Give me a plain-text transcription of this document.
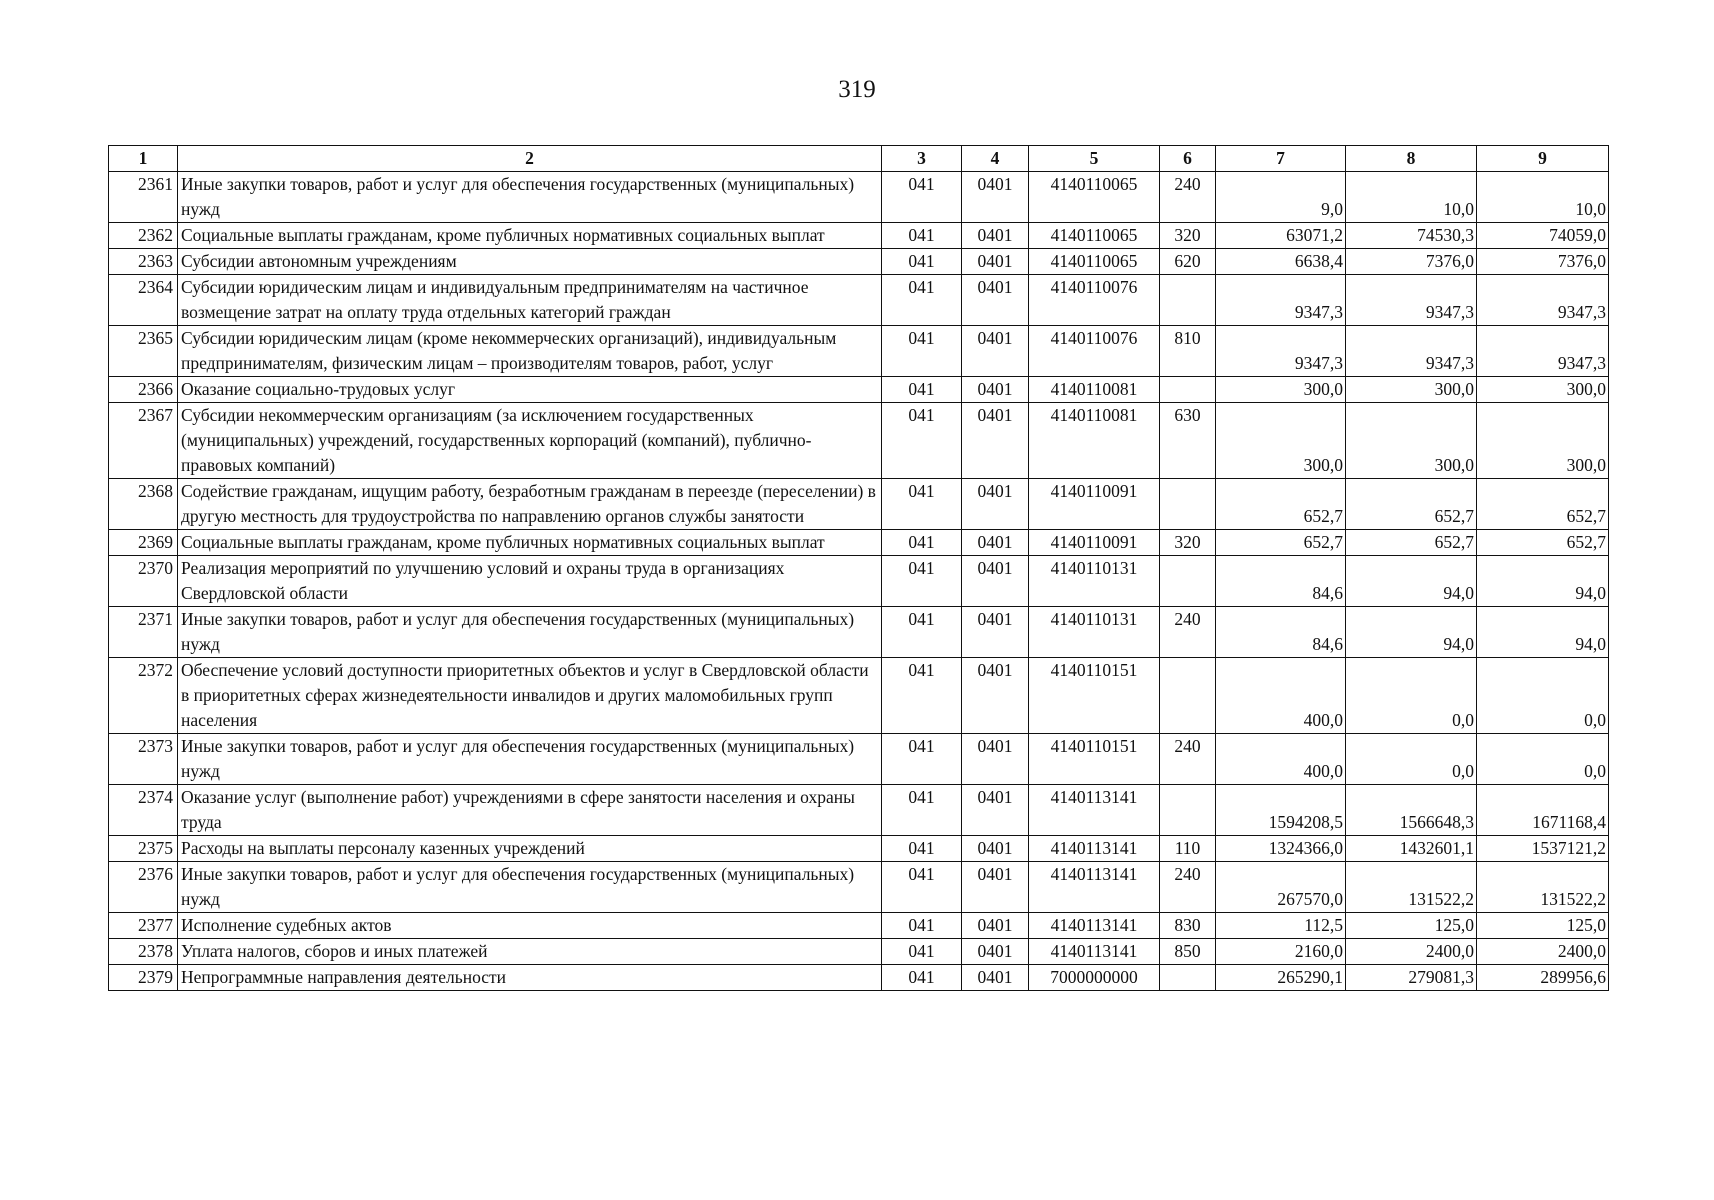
319
1	2	3	4	5	6	7	8	9
2361	Иные закупки товаров, работ и услуг для обеспечения государственных (муниципальных) нужд	041	0401	4140110065	240	9,0	10,0	10,0
2362	Социальные выплаты гражданам, кроме публичных нормативных социальных выплат	041	0401	4140110065	320	63071,2	74530,3	74059,0
2363	Субсидии автономным учреждениям	041	0401	4140110065	620	6638,4	7376,0	7376,0
2364	Субсидии юридическим лицам и индивидуальным предпринимателям на частичное возмещение затрат на оплату труда отдельных категорий граждан	041	0401	4140110076		9347,3	9347,3	9347,3
2365	Субсидии юридическим лицам (кроме некоммерческих организаций), индивидуальным предпринимателям, физическим лицам – производителям товаров, работ, услуг	041	0401	4140110076	810	9347,3	9347,3	9347,3
2366	Оказание социально-трудовых услуг	041	0401	4140110081		300,0	300,0	300,0
2367	Субсидии некоммерческим организациям (за исключением государственных (муниципальных) учреждений, государственных корпораций (компаний), публично-правовых компаний)	041	0401	4140110081	630	300,0	300,0	300,0
2368	Содействие гражданам, ищущим работу, безработным гражданам в переезде (переселении) в другую местность для трудоустройства по направлению органов службы занятости	041	0401	4140110091		652,7	652,7	652,7
2369	Социальные выплаты гражданам, кроме публичных нормативных социальных выплат	041	0401	4140110091	320	652,7	652,7	652,7
2370	Реализация мероприятий по улучшению условий и охраны труда в организациях Свердловской области	041	0401	4140110131		84,6	94,0	94,0
2371	Иные закупки товаров, работ и услуг для обеспечения государственных (муниципальных) нужд	041	0401	4140110131	240	84,6	94,0	94,0
2372	Обеспечение условий доступности приоритетных объектов и услуг в Свердловской области в приоритетных сферах жизнедеятельности инвалидов и других маломобильных групп населения	041	0401	4140110151		400,0	0,0	0,0
2373	Иные закупки товаров, работ и услуг для обеспечения государственных (муниципальных) нужд	041	0401	4140110151	240	400,0	0,0	0,0
2374	Оказание услуг (выполнение работ) учреждениями в сфере занятости населения и охраны труда	041	0401	4140113141		1594208,5	1566648,3	1671168,4
2375	Расходы на выплаты персоналу казенных учреждений	041	0401	4140113141	110	1324366,0	1432601,1	1537121,2
2376	Иные закупки товаров, работ и услуг для обеспечения государственных (муниципальных) нужд	041	0401	4140113141	240	267570,0	131522,2	131522,2
2377	Исполнение судебных актов	041	0401	4140113141	830	112,5	125,0	125,0
2378	Уплата налогов, сборов и иных платежей	041	0401	4140113141	850	2160,0	2400,0	2400,0
2379	Непрограммные направления деятельности	041	0401	7000000000		265290,1	279081,3	289956,6
